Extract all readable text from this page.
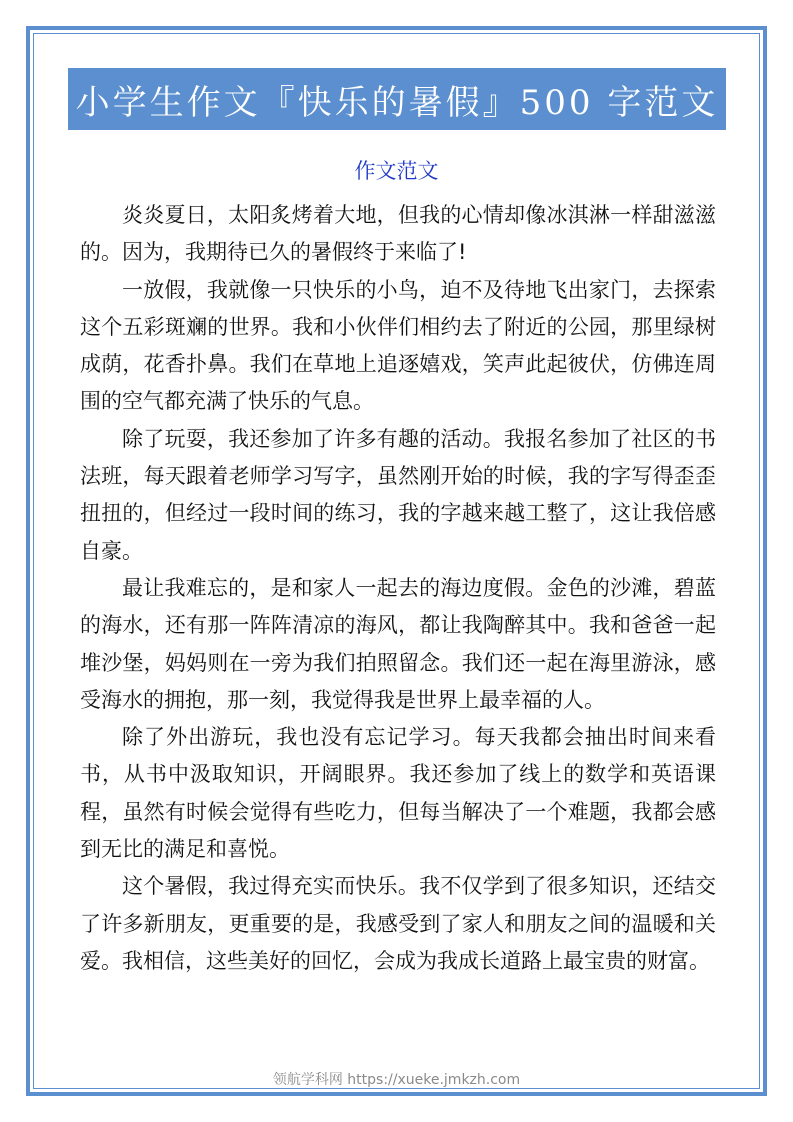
小学生作文『快乐的暑假』500 字范文
作文范文

炎炎夏日，太阳炙烤着大地，但我的心情却像冰淇淋一样甜滋滋的。因为，我期待已久的暑假终于来临了!

一放假，我就像一只快乐的小鸟，迫不及待地飞出家门，去探索这个五彩斑斓的世界。我和小伙伴们相约去了附近的公园，那里绿树成荫，花香扑鼻。我们在草地上追逐嬉戏，笑声此起彼伏，仿佛连周围的空气都充满了快乐的气息。

除了玩耍，我还参加了许多有趣的活动。我报名参加了社区的书法班，每天跟着老师学习写字，虽然刚开始的时候，我的字写得歪歪扭扭的，但经过一段时间的练习，我的字越来越工整了，这让我倍感自豪。

最让我难忘的，是和家人一起去的海边度假。金色的沙滩，碧蓝的海水，还有那一阵阵清凉的海风，都让我陶醉其中。我和爸爸一起堆沙堡，妈妈则在一旁为我们拍照留念。我们还一起在海里游泳，感受海水的拥抱，那一刻，我觉得我是世界上最幸福的人。

除了外出游玩，我也没有忘记学习。每天我都会抽出时间来看书，从书中汲取知识，开阔眼界。我还参加了线上的数学和英语课程，虽然有时候会觉得有些吃力，但每当解决了一个难题，我都会感到无比的满足和喜悦。

这个暑假，我过得充实而快乐。我不仅学到了很多知识，还结交了许多新朋友，更重要的是，我感受到了家人和朋友之间的温暖和关爱。我相信，这些美好的回忆，会成为我成长道路上最宝贵的财富。

领航学科网 https://xueke.jmkzh.com
